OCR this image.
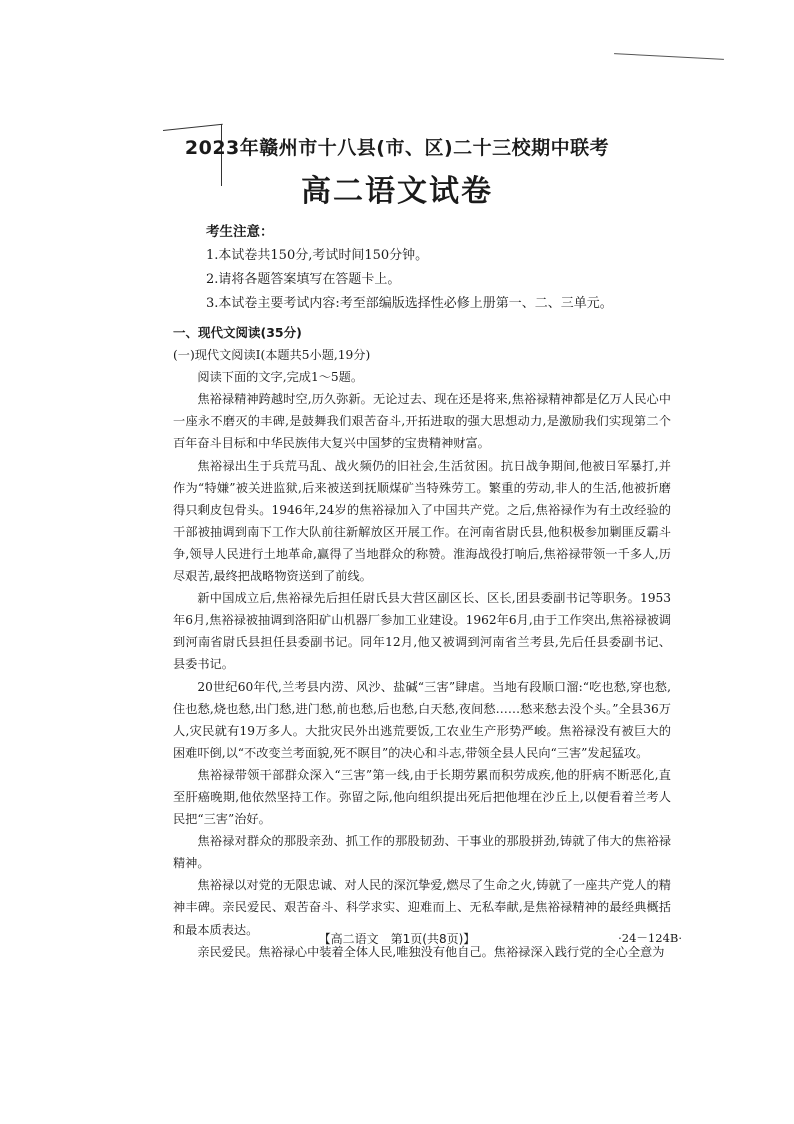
2023年赣州市十八县(市、区)二十三校期中联考
高二语文试卷
考生注意：
1.本试卷共150分,考试时间150分钟。
2.请将各题答案填写在答题卡上。
3.本试卷主要考试内容:考至部编版选择性必修上册第一、二、三单元。

一、现代文阅读(35分)

(一)现代文阅读Ⅰ(本题共5小题,19分)

阅读下面的文字,完成1～5题。

焦裕禄精神跨越时空,历久弥新。无论过去、现在还是将来,焦裕禄精神都是亿万人民心中一座永不磨灭的丰碑,是鼓舞我们艰苦奋斗,开拓进取的强大思想动力,是激励我们实现第二个百年奋斗目标和中华民族伟大复兴中国梦的宝贵精神财富。

焦裕禄出生于兵荒马乱、战火频仍的旧社会,生活贫困。抗日战争期间,他被日军暴打,并作为“特嫌”被关进监狱,后来被送到抚顺煤矿当特殊劳工。繁重的劳动,非人的生活,他被折磨得只剩皮包骨头。1946年,24岁的焦裕禄加入了中国共产党。之后,焦裕禄作为有土改经验的干部被抽调到南下工作大队前往新解放区开展工作。在河南省尉氏县,他积极参加剿匪反霸斗争,领导人民进行土地革命,赢得了当地群众的称赞。淮海战役打响后,焦裕禄带领一千多人,历尽艰苦,最终把战略物资送到了前线。

新中国成立后,焦裕禄先后担任尉氏县大营区副区长、区长,团县委副书记等职务。1953年6月,焦裕禄被抽调到洛阳矿山机器厂参加工业建设。1962年6月,由于工作突出,焦裕禄被调到河南省尉氏县担任县委副书记。同年12月,他又被调到河南省兰考县,先后任县委副书记、县委书记。

20世纪60年代,兰考县内涝、风沙、盐碱“三害”肆虐。当地有段顺口溜:“吃也愁,穿也愁,住也愁,烧也愁,出门愁,进门愁,前也愁,后也愁,白天愁,夜间愁……愁来愁去没个头。”全县36万人,灾民就有19万多人。大批灾民外出逃荒要饭,工农业生产形势严峻。焦裕禄没有被巨大的困难吓倒,以“不改变兰考面貌,死不瞑目”的决心和斗志,带领全县人民向“三害”发起猛攻。

焦裕禄带领干部群众深入“三害”第一线,由于长期劳累而积劳成疾,他的肝病不断恶化,直至肝癌晚期,他依然坚持工作。弥留之际,他向组织提出死后把他埋在沙丘上,以便看着兰考人民把“三害”治好。

焦裕禄对群众的那股亲劲、抓工作的那股韧劲、干事业的那股拼劲,铸就了伟大的焦裕禄精神。

焦裕禄以对党的无限忠诚、对人民的深沉挚爱,燃尽了生命之火,铸就了一座共产党人的精神丰碑。亲民爱民、艰苦奋斗、科学求实、迎难而上、无私奉献,是焦裕禄精神的最经典概括和最本质表达。

亲民爱民。焦裕禄心中装着全体人民,唯独没有他自己。焦裕禄深入践行党的全心全意为

【高二语文　第1页(共8页)】	·24－124B·
